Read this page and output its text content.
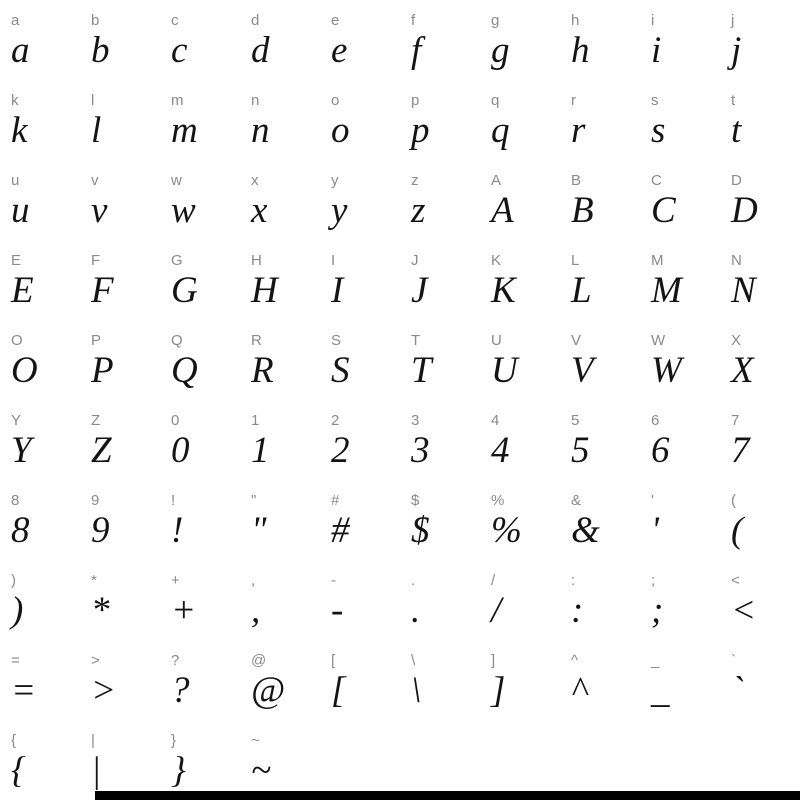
a
a
b
b
c
c
d
d
e
e
f
f
g
g
h
h
i
i
j
j
k
k
l
l
m
m
n
n
o
o
p
p
q
q
r
r
s
s
t
t
u
u
v
v
w
w
x
x
y
y
z
z
A
A
B
B
C
C
D
D
E
E
F
F
G
G
H
H
I
I
J
J
K
K
L
L
M
M
N
N
O
O
P
P
Q
Q
R
R
S
S
T
T
U
U
V
V
W
W
X
X
Y
Y
Z
Z
0
0
1
1
2
2
3
3
4
4
5
5
6
6
7
7
8
8
9
9
!
!
"
"
#
#
$
$
%
%
&
&
'
'
(
(
)
)
*
*
+
+
,
,
-
-
.
.
/
/
:
:
;
;
<
<
=
=
>
>
?
?
@
@
[
[
\
\
]
]
^
^
_
_
`
`
{
{
|
|
}
}
~
~
